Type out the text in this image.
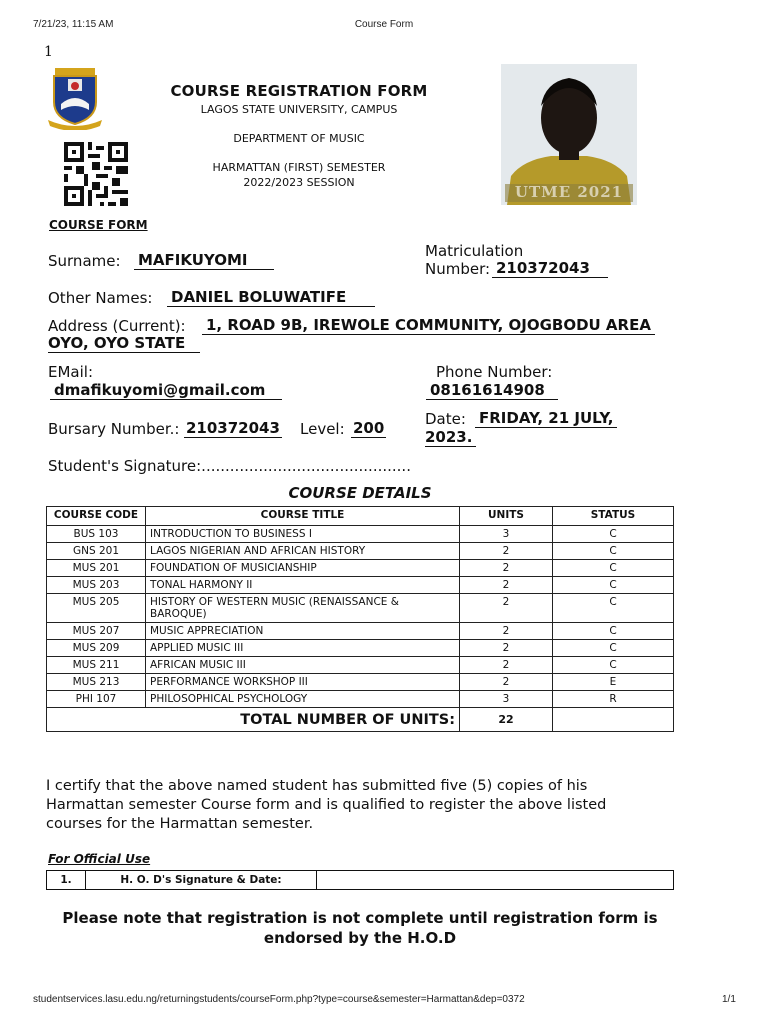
7/21/23, 11:15 AM	Course Form
1
COURSE REGISTRATION FORM
LAGOS STATE UNIVERSITY, CAMPUS
DEPARTMENT OF MUSIC
HARMATTAN (FIRST) SEMESTER
2022/2023 SESSION
UTME 2021
COURSE FORM
Surname: MAFIKUYOMI	Matriculation
Number: 210372043
Other Names: DANIEL BOLUWATIFE
Address (Current): 1, ROAD 9B, IREWOLE COMMUNITY, OJOGBODU AREA
OYO, OYO STATE
EMail:
dmafikuyomi@gmail.com
Phone Number:
08161614908
Bursary Number.: 210372043 Level: 200	Date: FRIDAY, 21 JULY,
2023.
Student's Signature:............................................
COURSE DETAILS
COURSE CODE	COURSE TITLE	UNITS	STATUS
BUS 103	INTRODUCTION TO BUSINESS I	3	C
GNS 201	LAGOS NIGERIAN AND AFRICAN HISTORY	2	C
MUS 201	FOUNDATION OF MUSICIANSHIP	2	C
MUS 203	TONAL HARMONY II	2	C
MUS 205	HISTORY OF WESTERN MUSIC (RENAISSANCE & BAROQUE)	2	C
MUS 207	MUSIC APPRECIATION	2	C
MUS 209	APPLIED MUSIC III	2	C
MUS 211	AFRICAN MUSIC III	2	C
MUS 213	PERFORMANCE WORKSHOP III	2	E
PHI 107	PHILOSOPHICAL PSYCHOLOGY	3	R
TOTAL NUMBER OF UNITS:		22	
I certify that the above named student has submitted five (5) copies of his Harmattan semester Course form and is qualified to register the above listed courses for the Harmattan semester.
For Official Use
1.	H. O. D's Signature & Date:	
Please note that registration is not complete until registration form is endorsed by the H.O.D
studentservices.lasu.edu.ng/returningstudents/courseForm.php?type=course&semester=Harmattan&dep=0372	1/1
